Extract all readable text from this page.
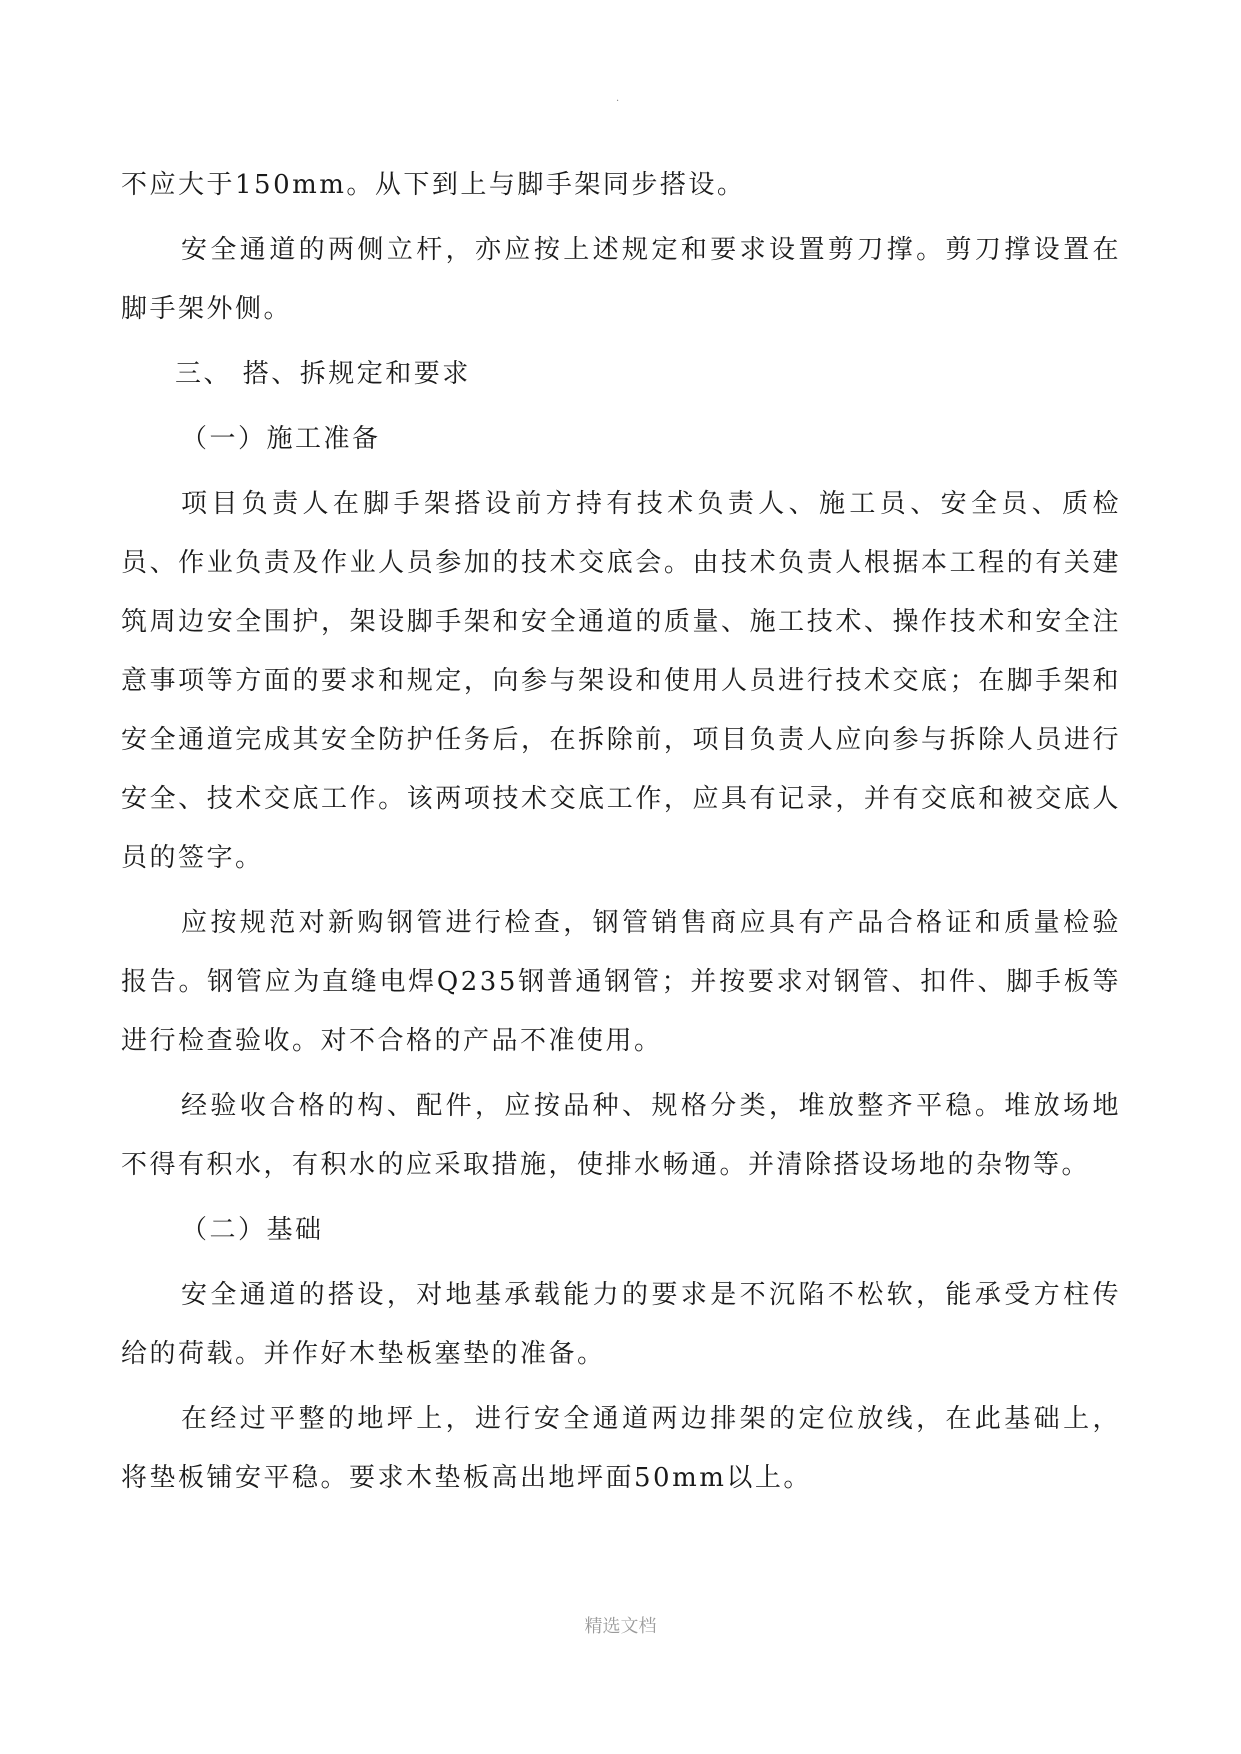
·

不应大于150mm。从下到上与脚手架同步搭设。

安全通道的两侧立杆，亦应按上述规定和要求设置剪刀撑。剪刀撑设置在脚手架外侧。

三、 搭、拆规定和要求

（一）施工准备

项目负责人在脚手架搭设前方持有技术负责人、施工员、安全员、质检员、作业负责及作业人员参加的技术交底会。由技术负责人根据本工程的有关建筑周边安全围护，架设脚手架和安全通道的质量、施工技术、操作技术和安全注意事项等方面的要求和规定，向参与架设和使用人员进行技术交底；在脚手架和安全通道完成其安全防护任务后，在拆除前，项目负责人应向参与拆除人员进行安全、技术交底工作。该两项技术交底工作，应具有记录，并有交底和被交底人员的签字。

应按规范对新购钢管进行检查，钢管销售商应具有产品合格证和质量检验报告。钢管应为直缝电焊Q235钢普通钢管；并按要求对钢管、扣件、脚手板等进行检查验收。对不合格的产品不准使用。

经验收合格的构、配件，应按品种、规格分类，堆放整齐平稳。堆放场地不得有积水，有积水的应采取措施，使排水畅通。并清除搭设场地的杂物等。

（二）基础

安全通道的搭设，对地基承载能力的要求是不沉陷不松软，能承受方柱传给的荷载。并作好木垫板塞垫的准备。

在经过平整的地坪上，进行安全通道两边排架的定位放线，在此基础上，将垫板铺安平稳。要求木垫板高出地坪面50mm以上。

精选文档
